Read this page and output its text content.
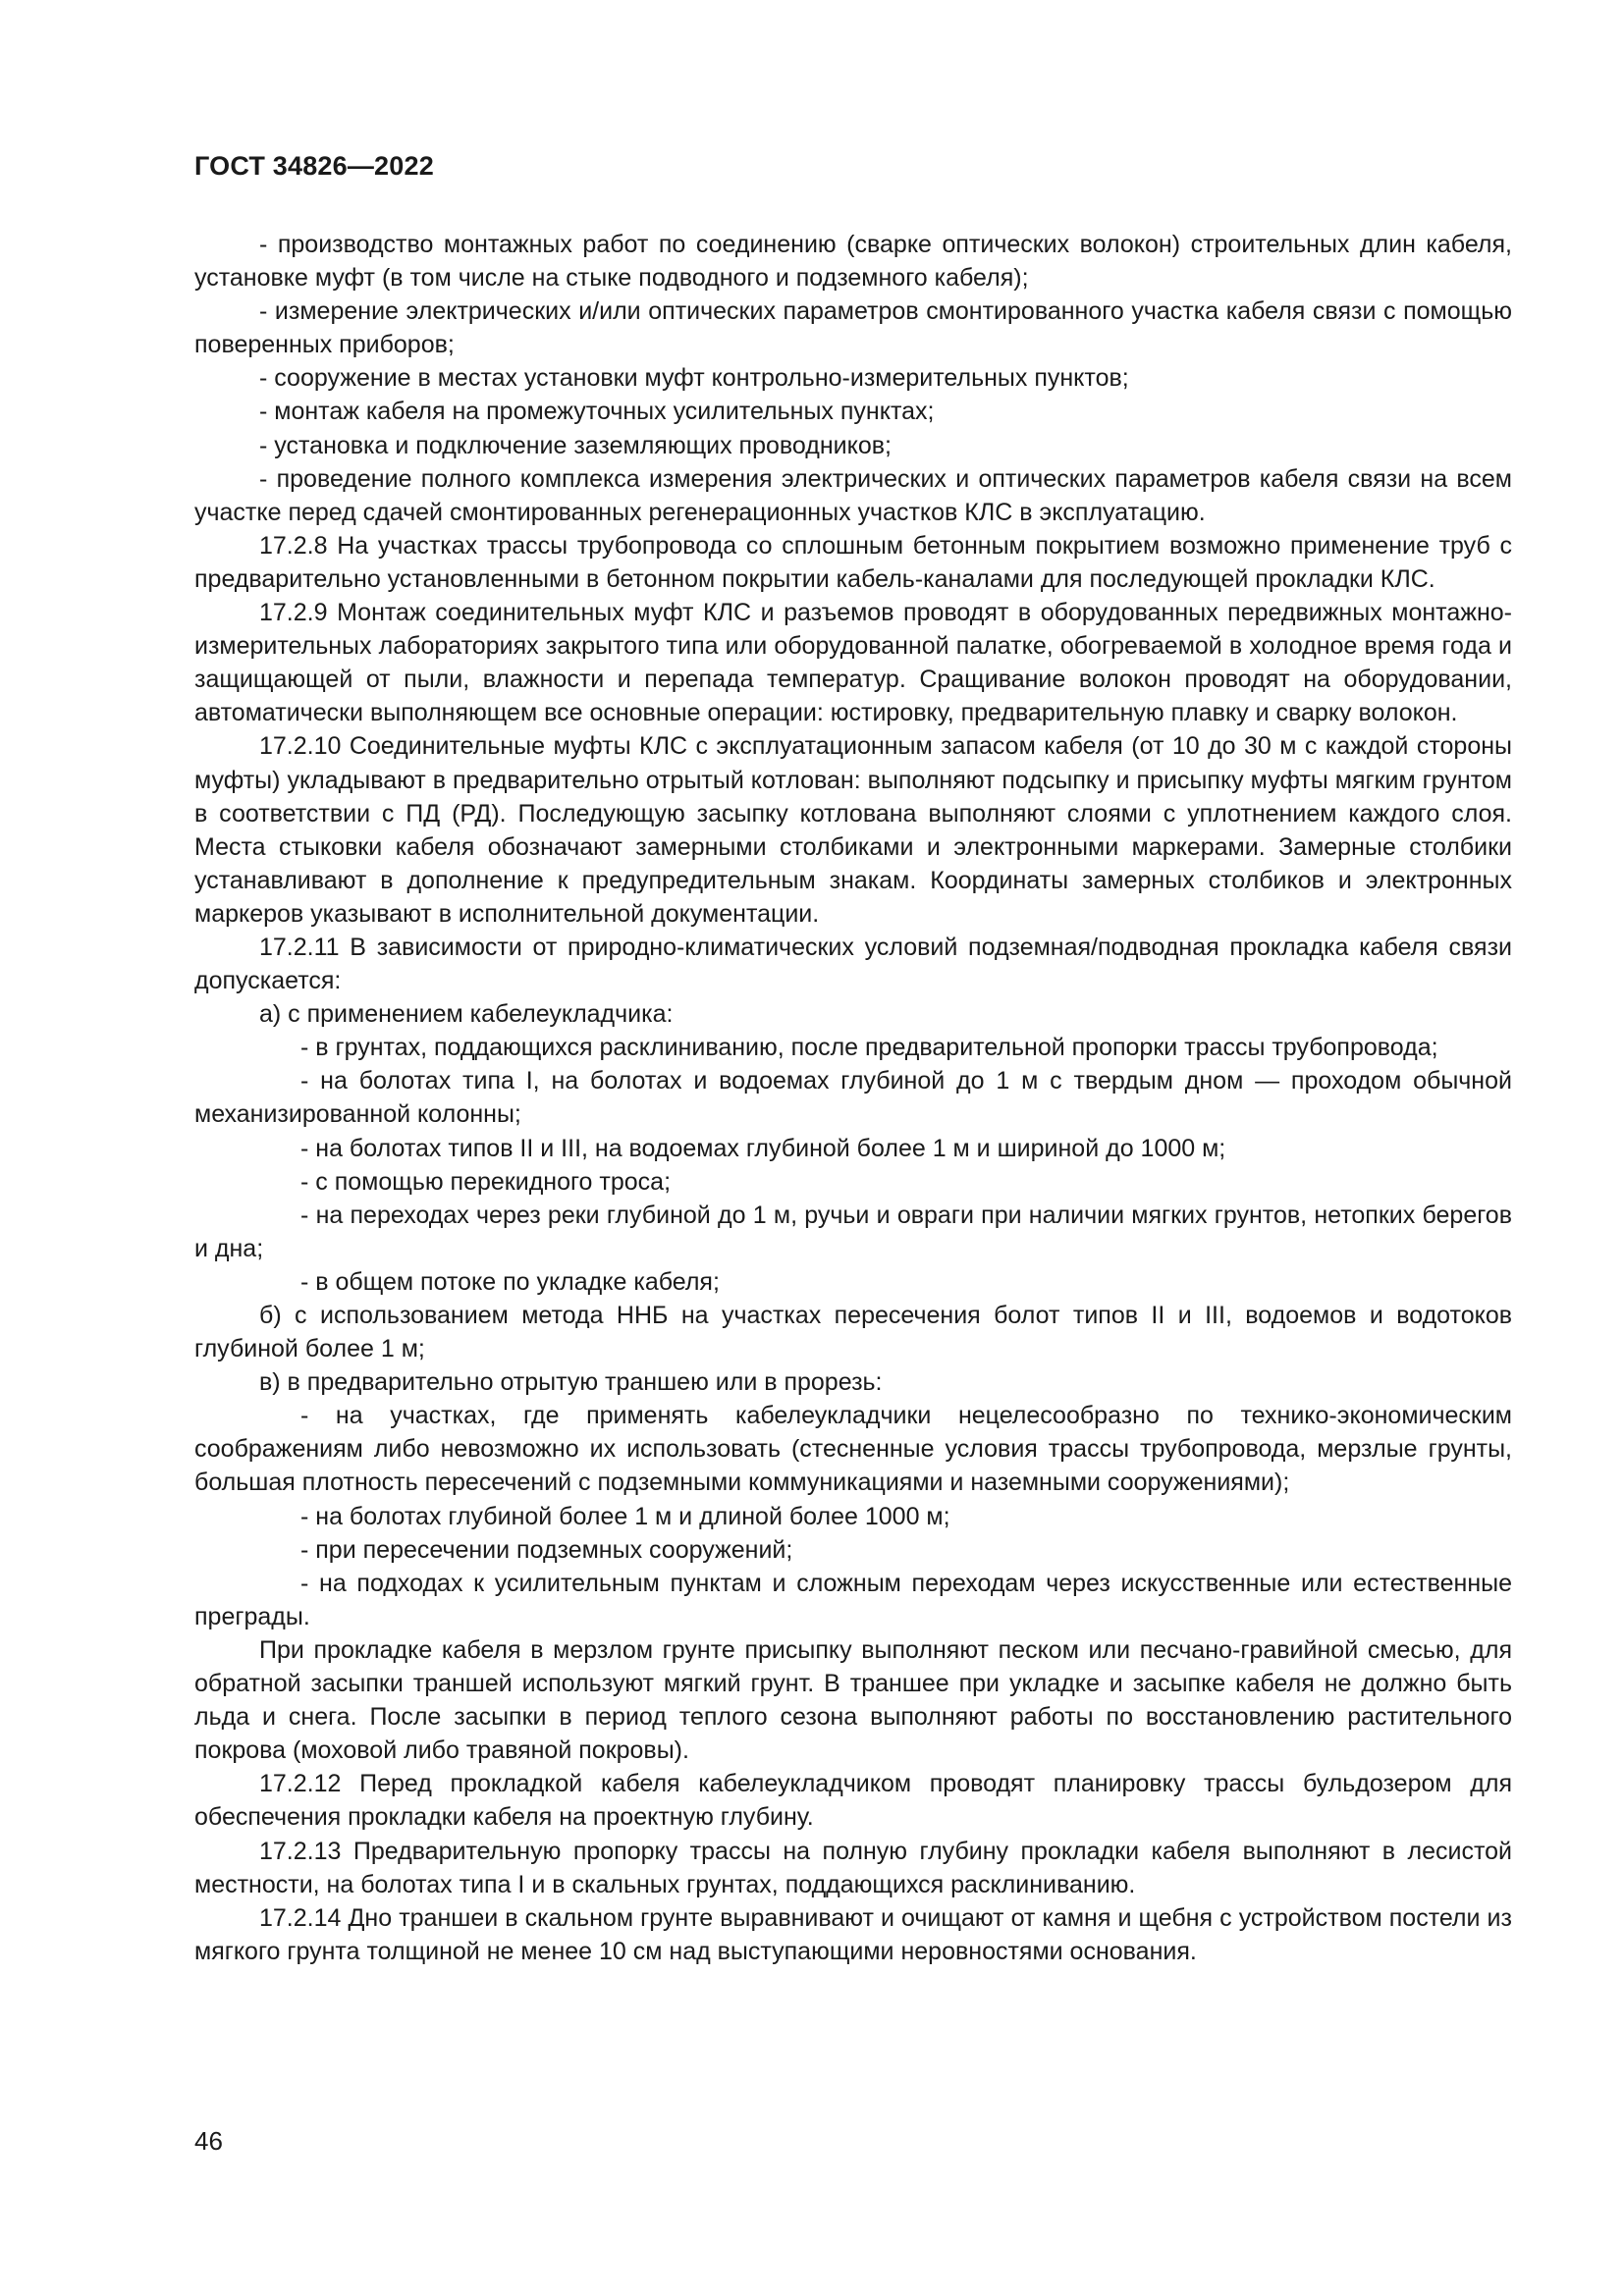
ГОСТ 34826—2022

- производство монтажных работ по соединению (сварке оптических волокон) строительных длин кабеля, установке муфт (в том числе на стыке подводного и подземного кабеля);

- измерение электрических и/или оптических параметров смонтированного участка кабеля связи с помощью поверенных приборов;

- сооружение в местах установки муфт контрольно-измерительных пунктов;

- монтаж кабеля на промежуточных усилительных пунктах;

- установка и подключение заземляющих проводников;

- проведение полного комплекса измерения электрических и оптических параметров кабеля связи на всем участке перед сдачей смонтированных регенерационных участков КЛС в эксплуатацию.

17.2.8 На участках трассы трубопровода со сплошным бетонным покрытием возможно применение труб с предварительно установленными в бетонном покрытии кабель-каналами для последующей прокладки КЛС.

17.2.9 Монтаж соединительных муфт КЛС и разъемов проводят в оборудованных передвижных монтажно-измерительных лабораториях закрытого типа или оборудованной палатке, обогреваемой в холодное время года и защищающей от пыли, влажности и перепада температур. Сращивание волокон проводят на оборудовании, автоматически выполняющем все основные операции: юстировку, предварительную плавку и сварку волокон.

17.2.10 Соединительные муфты КЛС с эксплуатационным запасом кабеля (от 10 до 30 м с каждой стороны муфты) укладывают в предварительно отрытый котлован: выполняют подсыпку и присыпку муфты мягким грунтом в соответствии с ПД (РД). Последующую засыпку котлована выполняют слоями с уплотнением каждого слоя. Места стыковки кабеля обозначают замерными столбиками и электронными маркерами. Замерные столбики устанавливают в дополнение к предупредительным знакам. Координаты замерных столбиков и электронных маркеров указывают в исполнительной документации.

17.2.11 В зависимости от природно-климатических условий подземная/подводная прокладка кабеля связи допускается:

а) с применением кабелеукладчика:

- в грунтах, поддающихся расклиниванию, после предварительной пропорки трассы трубопровода;

- на болотах типа I, на болотах и водоемах глубиной до 1 м с твердым дном — проходом обычной механизированной колонны;

- на болотах типов II и III, на водоемах глубиной более 1 м и шириной до 1000 м;

- с помощью перекидного троса;

- на переходах через реки глубиной до 1 м, ручьи и овраги при наличии мягких грунтов, нетопких берегов и дна;

- в общем потоке по укладке кабеля;

б) с использованием метода ННБ на участках пересечения болот типов II и III, водоемов и водотоков глубиной более 1 м;

в) в предварительно отрытую траншею или в прорезь:

- на участках, где применять кабелеукладчики нецелесообразно по технико-экономическим соображениям либо невозможно их использовать (стесненные условия трассы трубопровода, мерзлые грунты, большая плотность пересечений с подземными коммуникациями и наземными сооружениями);

- на болотах глубиной более 1 м и длиной более 1000 м;

- при пересечении подземных сооружений;

- на подходах к усилительным пунктам и сложным переходам через искусственные или естественные преграды.

При прокладке кабеля в мерзлом грунте присыпку выполняют песком или песчано-гравийной смесью, для обратной засыпки траншей используют мягкий грунт. В траншее при укладке и засыпке кабеля не должно быть льда и снега. После засыпки в период теплого сезона выполняют работы по восстановлению растительного покрова (моховой либо травяной покровы).

17.2.12 Перед прокладкой кабеля кабелеукладчиком проводят планировку трассы бульдозером для обеспечения прокладки кабеля на проектную глубину.

17.2.13 Предварительную пропорку трассы на полную глубину прокладки кабеля выполняют в лесистой местности, на болотах типа I и в скальных грунтах, поддающихся расклиниванию.

17.2.14 Дно траншеи в скальном грунте выравнивают и очищают от камня и щебня с устройством постели из мягкого грунта толщиной не менее 10 см над выступающими неровностями основания.

46
